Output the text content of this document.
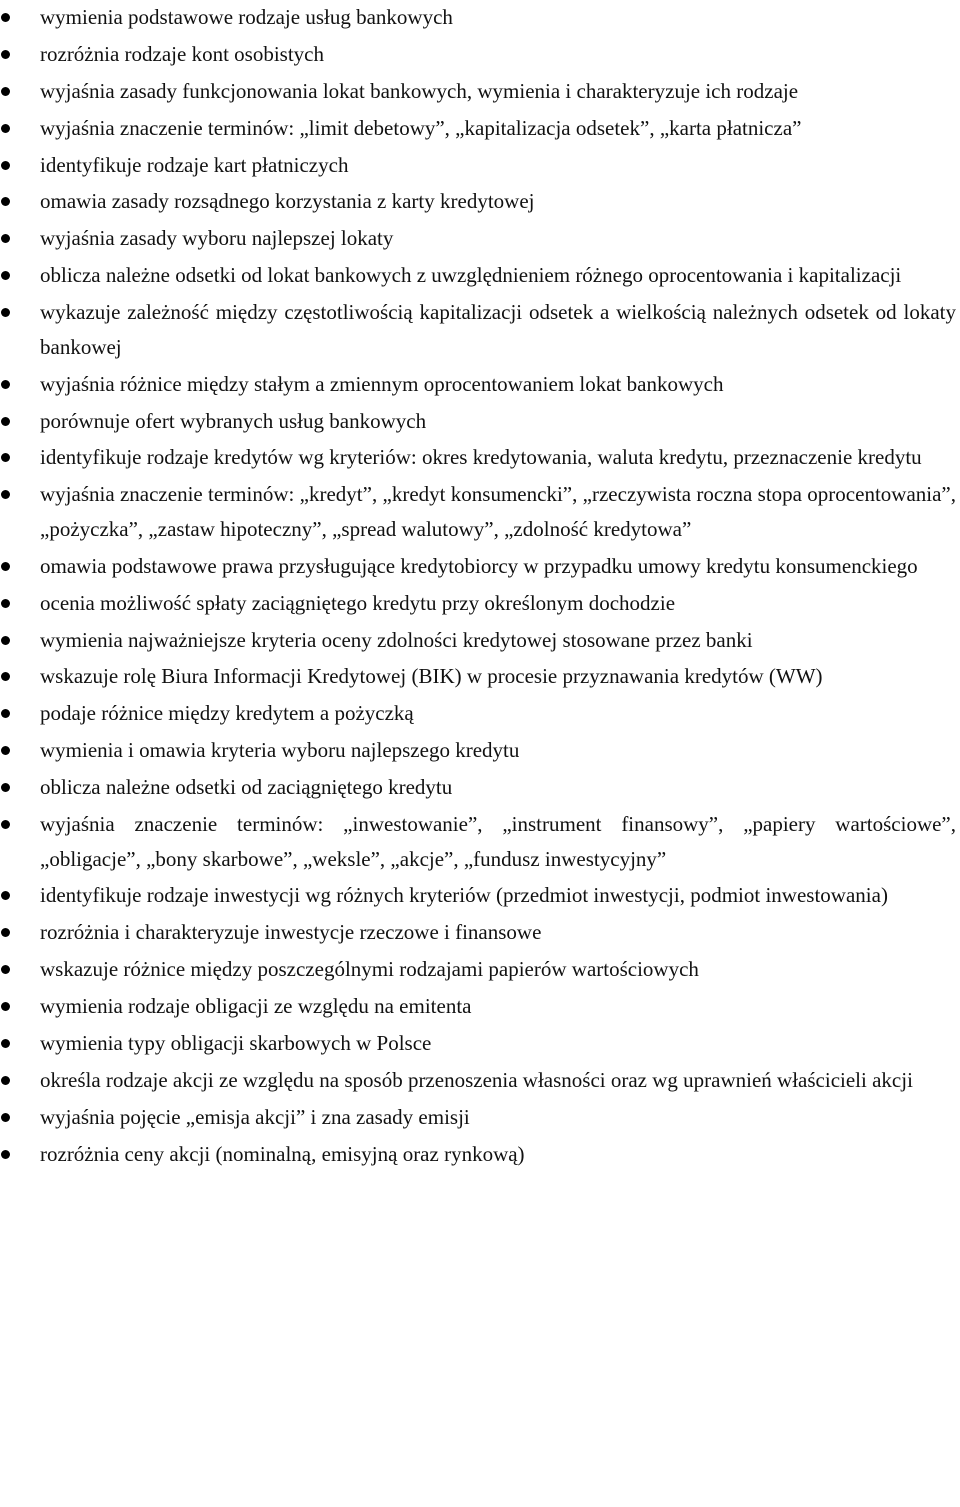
wymienia podstawowe rodzaje usług bankowych
rozróżnia rodzaje kont osobistych
wyjaśnia zasady funkcjonowania lokat bankowych, wymienia i charakteryzuje ich rodzaje
wyjaśnia znaczenie terminów: „limit debetowy”, „kapitalizacja odsetek”, „karta płatnicza”
identyfikuje rodzaje kart płatniczych
omawia zasady rozsądnego korzystania z karty kredytowej
wyjaśnia zasady wyboru najlepszej lokaty
oblicza należne odsetki od lokat bankowych z uwzględnieniem różnego oprocentowania i kapitalizacji
wykazuje zależność między częstotliwością kapitalizacji odsetek a wielkością należnych odsetek od lokaty bankowej
wyjaśnia różnice między stałym a zmiennym oprocentowaniem lokat bankowych
porównuje ofert wybranych usług bankowych
identyfikuje rodzaje kredytów wg kryteriów: okres kredytowania, waluta kredytu, przeznaczenie kredytu
wyjaśnia znaczenie terminów: „kredyt”, „kredyt konsumencki”, „rzeczywista roczna stopa oprocentowania”, „pożyczka”, „zastaw hipoteczny”, „spread walutowy”, „zdolność kredytowa”
omawia podstawowe prawa przysługujące kredytobiorcy w przypadku umowy kredytu konsumenckiego
ocenia możliwość spłaty zaciągniętego kredytu przy określonym dochodzie
wymienia najważniejsze kryteria oceny zdolności kredytowej stosowane przez banki
wskazuje rolę Biura Informacji Kredytowej (BIK) w procesie przyznawania kredytów (WW)
podaje różnice między kredytem a pożyczką
wymienia i omawia kryteria wyboru najlepszego kredytu
oblicza należne odsetki od zaciągniętego kredytu
wyjaśnia znaczenie terminów: „inwestowanie”, „instrument finansowy”, „papiery wartościowe”, „obligacje”, „bony skarbowe”, „weksle”, „akcje”, „fundusz inwestycyjny”
identyfikuje rodzaje inwestycji wg różnych kryteriów (przedmiot inwestycji, podmiot inwestowania)
rozróżnia i charakteryzuje inwestycje rzeczowe i finansowe
wskazuje różnice między poszczególnymi rodzajami papierów wartościowych
wymienia rodzaje obligacji ze względu na emitenta
wymienia typy obligacji skarbowych w Polsce
określa rodzaje akcji ze względu na sposób przenoszenia własności oraz wg uprawnień właścicieli akcji
wyjaśnia pojęcie „emisja akcji” i zna zasady emisji
rozróżnia ceny akcji (nominalną, emisyjną oraz rynkową)
